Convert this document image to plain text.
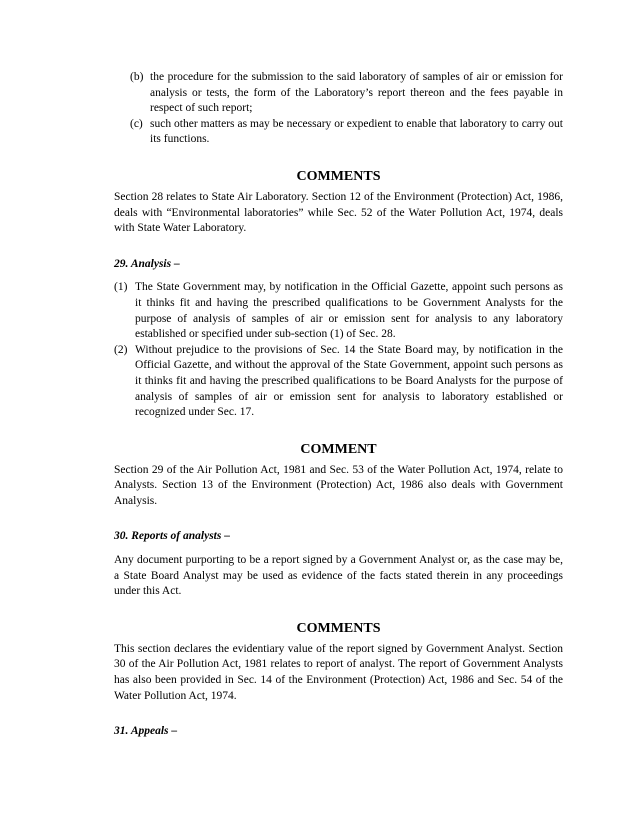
(b) the procedure for the submission to the said laboratory of samples of air or emission for analysis or tests, the form of the Laboratory’s report thereon and the fees payable in respect of such report;
(c) such other matters as may be necessary or expedient to enable that laboratory to carry out its functions.
COMMENTS

Section 28 relates to State Air Laboratory. Section 12 of the Environment (Protection) Act, 1986, deals with “Environmental laboratories” while Sec. 52 of the Water Pollution Act, 1974, deals with State Water Laboratory.

29. Analysis –
(1) The State Government may, by notification in the Official Gazette, appoint such persons as it thinks fit and having the prescribed qualifications to be Government Analysts for the purpose of analysis of samples of air or emission sent for analysis to any laboratory established or specified under sub-section (1) of Sec. 28.
(2) Without prejudice to the provisions of Sec. 14 the State Board may, by notification in the Official Gazette, and without the approval of the State Government, appoint such persons as it thinks fit and having the prescribed qualifications to be Board Analysts for the purpose of analysis of samples of air or emission sent for analysis to laboratory established or recognized under Sec. 17.
COMMENT

Section 29 of the Air Pollution Act, 1981 and Sec. 53 of the Water Pollution Act, 1974, relate to Analysts. Section 13 of the Environment (Protection) Act, 1986 also deals with Government Analysis.

30. Reports of analysts –

Any document purporting to be a report signed by a Government Analyst or, as the case may be, a State Board Analyst may be used as evidence of the facts stated therein in any proceedings under this Act.

COMMENTS

This section declares the evidentiary value of the report signed by Government Analyst. Section 30 of the Air Pollution Act, 1981 relates to report of analyst. The report of Government Analysts has also been provided in Sec. 14 of the Environment (Protection) Act, 1986 and Sec. 54 of the Water Pollution Act, 1974.

31. Appeals –
